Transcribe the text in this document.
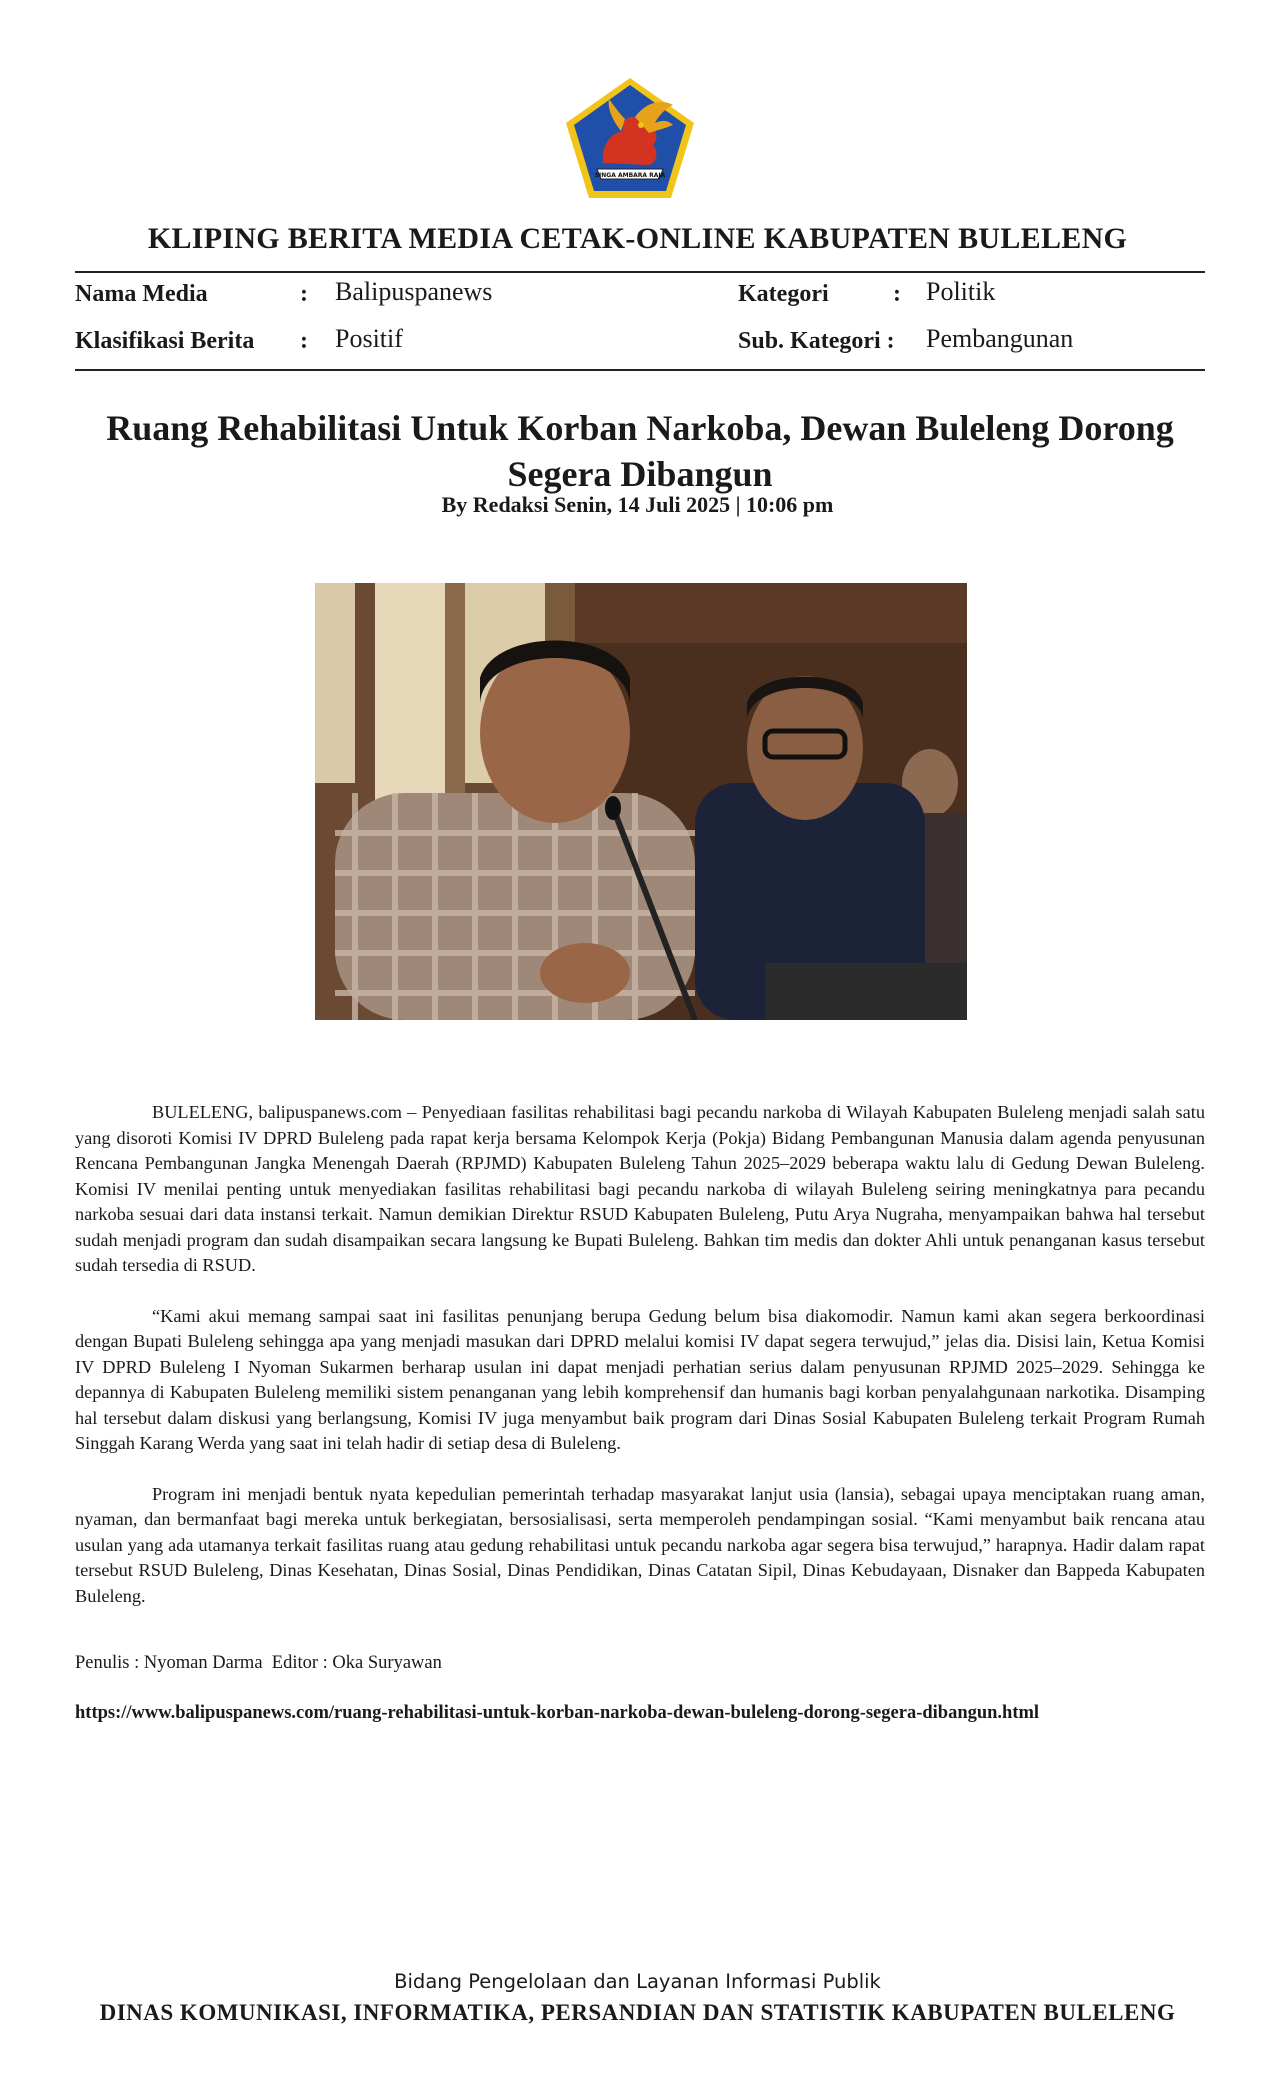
SINGA AMBARA RAJA
KLIPING BERITA MEDIA CETAK-ONLINE KABUPATEN BULELENG
Nama Media	: Balipuspanews	Kategori	: Politik
Klasifikasi Berita : Positif	Sub. Kategori : Pembangunan
Ruang Rehabilitasi Untuk Korban Narkoba, Dewan Buleleng Dorong
Segera Dibangun
By Redaksi Senin, 14 Juli 2025 | 10:06 pm

BULELENG, balipuspanews.com – Penyediaan fasilitas rehabilitasi bagi pecandu narkoba di Wilayah Kabupaten Buleleng menjadi salah satu yang disoroti Komisi IV DPRD Buleleng pada rapat kerja bersama Kelompok Kerja (Pokja) Bidang Pembangunan Manusia dalam agenda penyusunan Rencana Pembangunan Jangka Menengah Daerah (RPJMD) Kabupaten Buleleng Tahun 2025–2029 beberapa waktu lalu di Gedung Dewan Buleleng. Komisi IV menilai penting untuk menyediakan fasilitas rehabilitasi bagi pecandu narkoba di wilayah Buleleng seiring meningkatnya para pecandu narkoba sesuai dari data instansi terkait. Namun demikian Direktur RSUD Kabupaten Buleleng, Putu Arya Nugraha, menyampaikan bahwa hal tersebut sudah menjadi program dan sudah disampaikan secara langsung ke Bupati Buleleng. Bahkan tim medis dan dokter Ahli untuk penanganan kasus tersebut sudah tersedia di RSUD.

“Kami akui memang sampai saat ini fasilitas penunjang berupa Gedung belum bisa diakomodir. Namun kami akan segera berkoordinasi dengan Bupati Buleleng sehingga apa yang menjadi masukan dari DPRD melalui komisi IV dapat segera terwujud,” jelas dia. Disisi lain, Ketua Komisi IV DPRD Buleleng I Nyoman Sukarmen berharap usulan ini dapat menjadi perhatian serius dalam penyusunan RPJMD 2025–2029. Sehingga ke depannya di Kabupaten Buleleng memiliki sistem penanganan yang lebih komprehensif dan humanis bagi korban penyalahgunaan narkotika. Disamping hal tersebut dalam diskusi yang berlangsung, Komisi IV juga menyambut baik program dari Dinas Sosial Kabupaten Buleleng terkait Program Rumah Singgah Karang Werda yang saat ini telah hadir di setiap desa di Buleleng.

Program ini menjadi bentuk nyata kepedulian pemerintah terhadap masyarakat lanjut usia (lansia), sebagai upaya menciptakan ruang aman, nyaman, dan bermanfaat bagi mereka untuk berkegiatan, bersosialisasi, serta memperoleh pendampingan sosial. “Kami menyambut baik rencana atau usulan yang ada utamanya terkait fasilitas ruang atau gedung rehabilitasi untuk pecandu narkoba agar segera bisa terwujud,” harapnya. Hadir dalam rapat tersebut RSUD Buleleng, Dinas Kesehatan, Dinas Sosial, Dinas Pendidikan, Dinas Catatan Sipil, Dinas Kebudayaan, Disnaker dan Bappeda Kabupaten Buleleng.

Penulis : Nyoman Darma  Editor : Oka Suryawan
https://www.balipuspanews.com/ruang-rehabilitasi-untuk-korban-narkoba-dewan-buleleng-dorong-segera-dibangun.html
Bidang Pengelolaan dan Layanan Informasi Publik
DINAS KOMUNIKASI, INFORMATIKA, PERSANDIAN DAN STATISTIK KABUPATEN BULELENG
